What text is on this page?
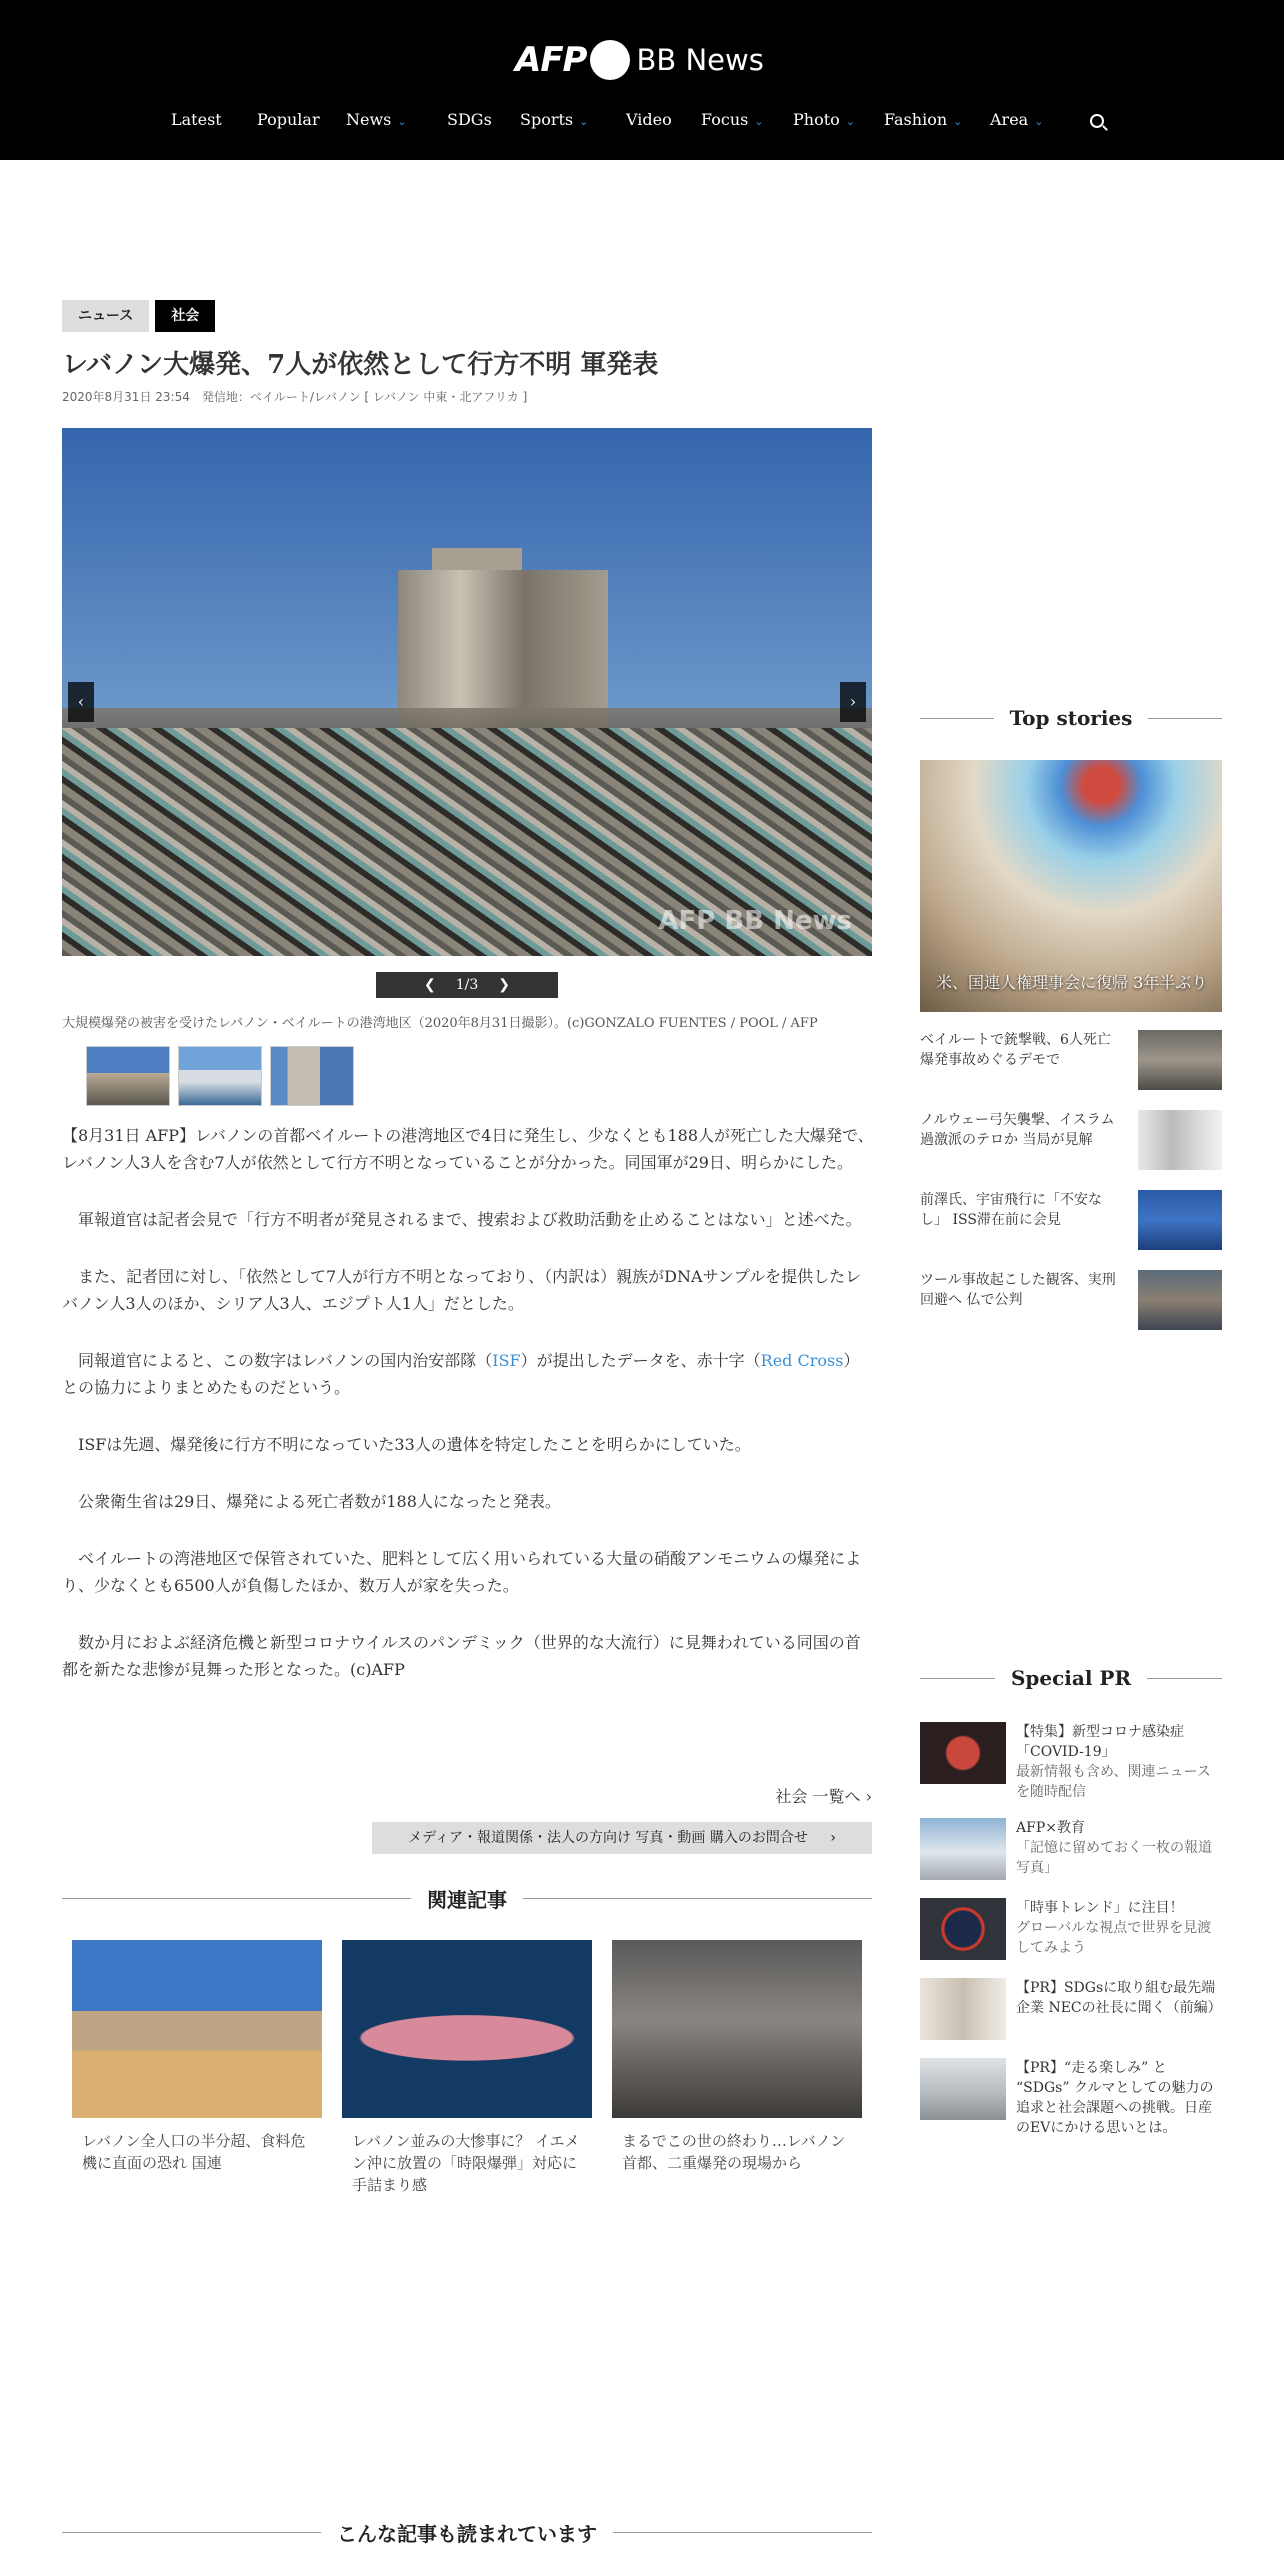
AFP BB News
Latest Popular News ⌄	SDGs Sports ⌄ Video Focus ⌄ Photo ⌄ Fashion ⌄ Area ⌄
ニュース	社会
レバノン大爆発、7人が依然として行方不明 軍発表
2020年8月31日 23:54　発信地：ベイルート/レバノン [ レバノン 中東・北アフリカ ]
AFP BB News
‹	›
❮ 1/3 ❯
大規模爆発の被害を受けたレバノン・ベイルートの港湾地区（2020年8月31日撮影）。(c)GONZALO FUENTES / POOL / AFP

【8月31日 AFP】レバノンの首都ベイルートの港湾地区で4日に発生し、少なくとも188人が死亡した大爆発で、レバノン人3人を含む7人が依然として行方不明となっていることが分かった。同国軍が29日、明らかにした。

　軍報道官は記者会見で「行方不明者が発見されるまで、捜索および救助活動を止めることはない」と述べた。

　また、記者団に対し、「依然として7人が行方不明となっており、（内訳は）親族がDNAサンプルを提供したレバノン人3人のほか、シリア人3人、エジプト人1人」だとした。

　同報道官によると、この数字はレバノンの国内治安部隊（ISF）が提出したデータを、赤十字（Red Cross）との協力によりまとめたものだという。

　ISFは先週、爆発後に行方不明になっていた33人の遺体を特定したことを明らかにしていた。

　公衆衛生省は29日、爆発による死亡者数が188人になったと発表。

　ベイルートの湾港地区で保管されていた、肥料として広く用いられている大量の硝酸アンモニウムの爆発により、少なくとも6500人が負傷したほか、数万人が家を失った。

　数か月におよぶ経済危機と新型コロナウイルスのパンデミック（世界的な大流行）に見舞われている同国の首都を新たな悲惨が見舞った形となった。(c)AFP

社会 一覧へ ›
メディア・報道関係・法人の方向け 写真・動画 購入のお問合せ ›
関連記事
レバノン全人口の半分超、食料危機に直面の恐れ 国連
レバノン並みの大惨事に？ イエメン沖に放置の「時限爆弾」対応に手詰まり感
まるでこの世の終わり…レバノン首都、二重爆発の現場から
こんな記事も読まれています
Top stories
米、国連人権理事会に復帰 3年半ぶり
ベイルートで銃撃戦、6人死亡 爆発事故めぐるデモで
ノルウェー弓矢襲撃、イスラム過激派のテロか 当局が見解
前澤氏、宇宙飛行に「不安なし」 ISS滞在前に会見
ツール事故起こした観客、実刑回避へ 仏で公判
Special PR
【特集】新型コロナ感染症「COVID-19」
最新情報も含め、関連ニュースを随時配信
AFP×教育
「記憶に留めておく一枚の報道写真」
「時事トレンド」に注目！
グローバルな視点で世界を見渡してみよう
【PR】SDGsに取り組む最先端企業 NECの社長に聞く（前編）
【PR】“走る楽しみ” と “SDGs” クルマとしての魅力の追求と社会課題への挑戦。日産のEVにかける思いとは。
